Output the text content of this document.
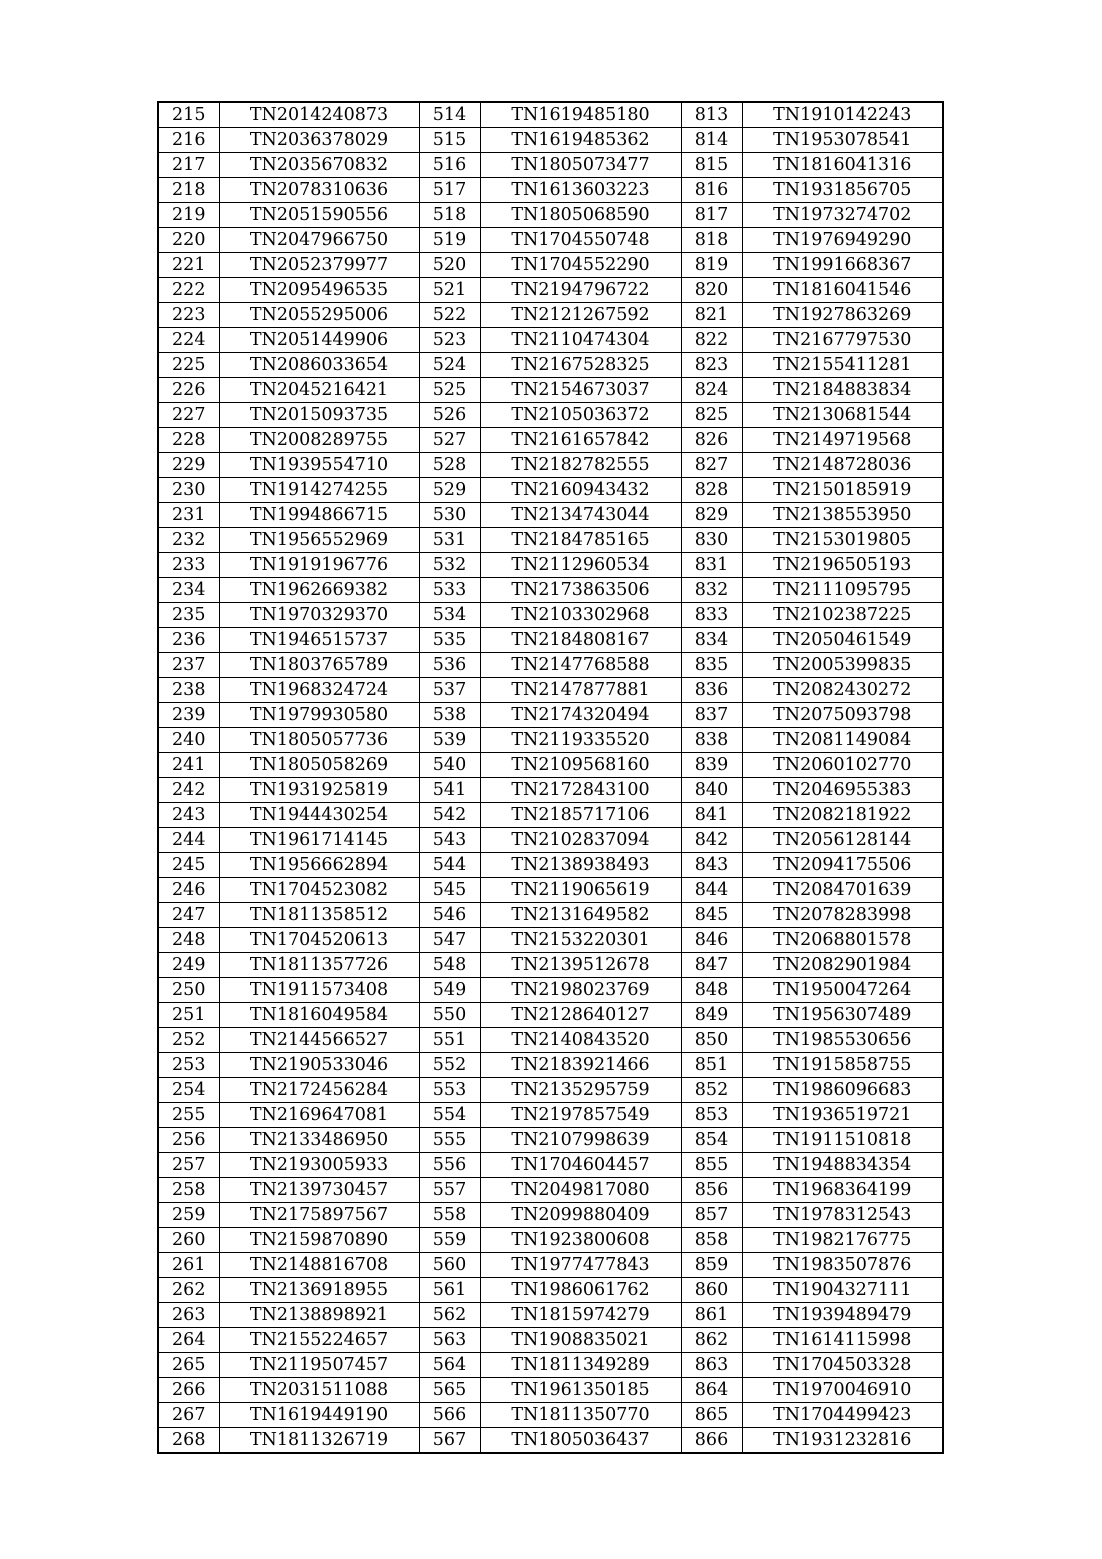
215	TN2014240873	514	TN1619485180	813	TN1910142243
216	TN2036378029	515	TN1619485362	814	TN1953078541
217	TN2035670832	516	TN1805073477	815	TN1816041316
218	TN2078310636	517	TN1613603223	816	TN1931856705
219	TN2051590556	518	TN1805068590	817	TN1973274702
220	TN2047966750	519	TN1704550748	818	TN1976949290
221	TN2052379977	520	TN1704552290	819	TN1991668367
222	TN2095496535	521	TN2194796722	820	TN1816041546
223	TN2055295006	522	TN2121267592	821	TN1927863269
224	TN2051449906	523	TN2110474304	822	TN2167797530
225	TN2086033654	524	TN2167528325	823	TN2155411281
226	TN2045216421	525	TN2154673037	824	TN2184883834
227	TN2015093735	526	TN2105036372	825	TN2130681544
228	TN2008289755	527	TN2161657842	826	TN2149719568
229	TN1939554710	528	TN2182782555	827	TN2148728036
230	TN1914274255	529	TN2160943432	828	TN2150185919
231	TN1994866715	530	TN2134743044	829	TN2138553950
232	TN1956552969	531	TN2184785165	830	TN2153019805
233	TN1919196776	532	TN2112960534	831	TN2196505193
234	TN1962669382	533	TN2173863506	832	TN2111095795
235	TN1970329370	534	TN2103302968	833	TN2102387225
236	TN1946515737	535	TN2184808167	834	TN2050461549
237	TN1803765789	536	TN2147768588	835	TN2005399835
238	TN1968324724	537	TN2147877881	836	TN2082430272
239	TN1979930580	538	TN2174320494	837	TN2075093798
240	TN1805057736	539	TN2119335520	838	TN2081149084
241	TN1805058269	540	TN2109568160	839	TN2060102770
242	TN1931925819	541	TN2172843100	840	TN2046955383
243	TN1944430254	542	TN2185717106	841	TN2082181922
244	TN1961714145	543	TN2102837094	842	TN2056128144
245	TN1956662894	544	TN2138938493	843	TN2094175506
246	TN1704523082	545	TN2119065619	844	TN2084701639
247	TN1811358512	546	TN2131649582	845	TN2078283998
248	TN1704520613	547	TN2153220301	846	TN2068801578
249	TN1811357726	548	TN2139512678	847	TN2082901984
250	TN1911573408	549	TN2198023769	848	TN1950047264
251	TN1816049584	550	TN2128640127	849	TN1956307489
252	TN2144566527	551	TN2140843520	850	TN1985530656
253	TN2190533046	552	TN2183921466	851	TN1915858755
254	TN2172456284	553	TN2135295759	852	TN1986096683
255	TN2169647081	554	TN2197857549	853	TN1936519721
256	TN2133486950	555	TN2107998639	854	TN1911510818
257	TN2193005933	556	TN1704604457	855	TN1948834354
258	TN2139730457	557	TN2049817080	856	TN1968364199
259	TN2175897567	558	TN2099880409	857	TN1978312543
260	TN2159870890	559	TN1923800608	858	TN1982176775
261	TN2148816708	560	TN1977477843	859	TN1983507876
262	TN2136918955	561	TN1986061762	860	TN1904327111
263	TN2138898921	562	TN1815974279	861	TN1939489479
264	TN2155224657	563	TN1908835021	862	TN1614115998
265	TN2119507457	564	TN1811349289	863	TN1704503328
266	TN2031511088	565	TN1961350185	864	TN1970046910
267	TN1619449190	566	TN1811350770	865	TN1704499423
268	TN1811326719	567	TN1805036437	866	TN1931232816
